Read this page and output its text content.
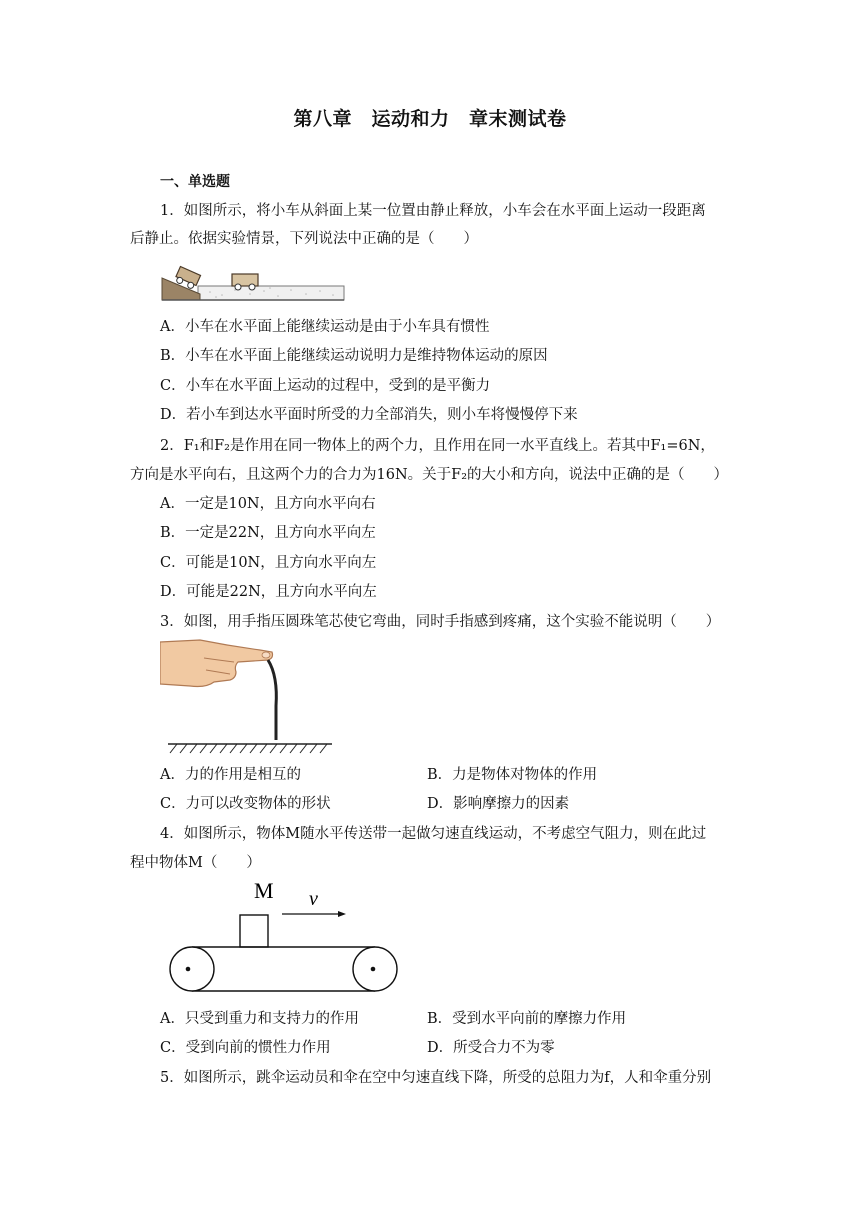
第八章　运动和力　章末测试卷
一、单选题
1．如图所示，将小车从斜面上某一位置由静止释放，小车会在水平面上运动一段距离
后静止。依据实验情景，下列说法中正确的是（　　）
A．小车在水平面上能继续运动是由于小车具有惯性
B．小车在水平面上能继续运动说明力是维持物体运动的原因
C．小车在水平面上运动的过程中，受到的是平衡力
D．若小车到达水平面时所受的力全部消失，则小车将慢慢停下来
2．F₁和F₂是作用在同一物体上的两个力，且作用在同一水平直线上。若其中F₁=6N，
方向是水平向右，且这两个力的合力为16N。关于F₂的大小和方向，说法中正确的是（　　）
A．一定是10N，且方向水平向右
B．一定是22N，且方向水平向左
C．可能是10N，且方向水平向左
D．可能是22N，且方向水平向左
3．如图，用手指压圆珠笔芯使它弯曲，同时手指感到疼痛，这个实验不能说明（　　）
A．力的作用是相互的	B．力是物体对物体的作用
C．力可以改变物体的形状	D．影响摩擦力的因素
4．如图所示，物体M随水平传送带一起做匀速直线运动，不考虑空气阻力，则在此过
程中物体M（　　）
M v
A．只受到重力和支持力的作用	B．受到水平向前的摩擦力作用
C．受到向前的惯性力作用	D．所受合力不为零
5．如图所示，跳伞运动员和伞在空中匀速直线下降，所受的总阻力为f，人和伞重分别
